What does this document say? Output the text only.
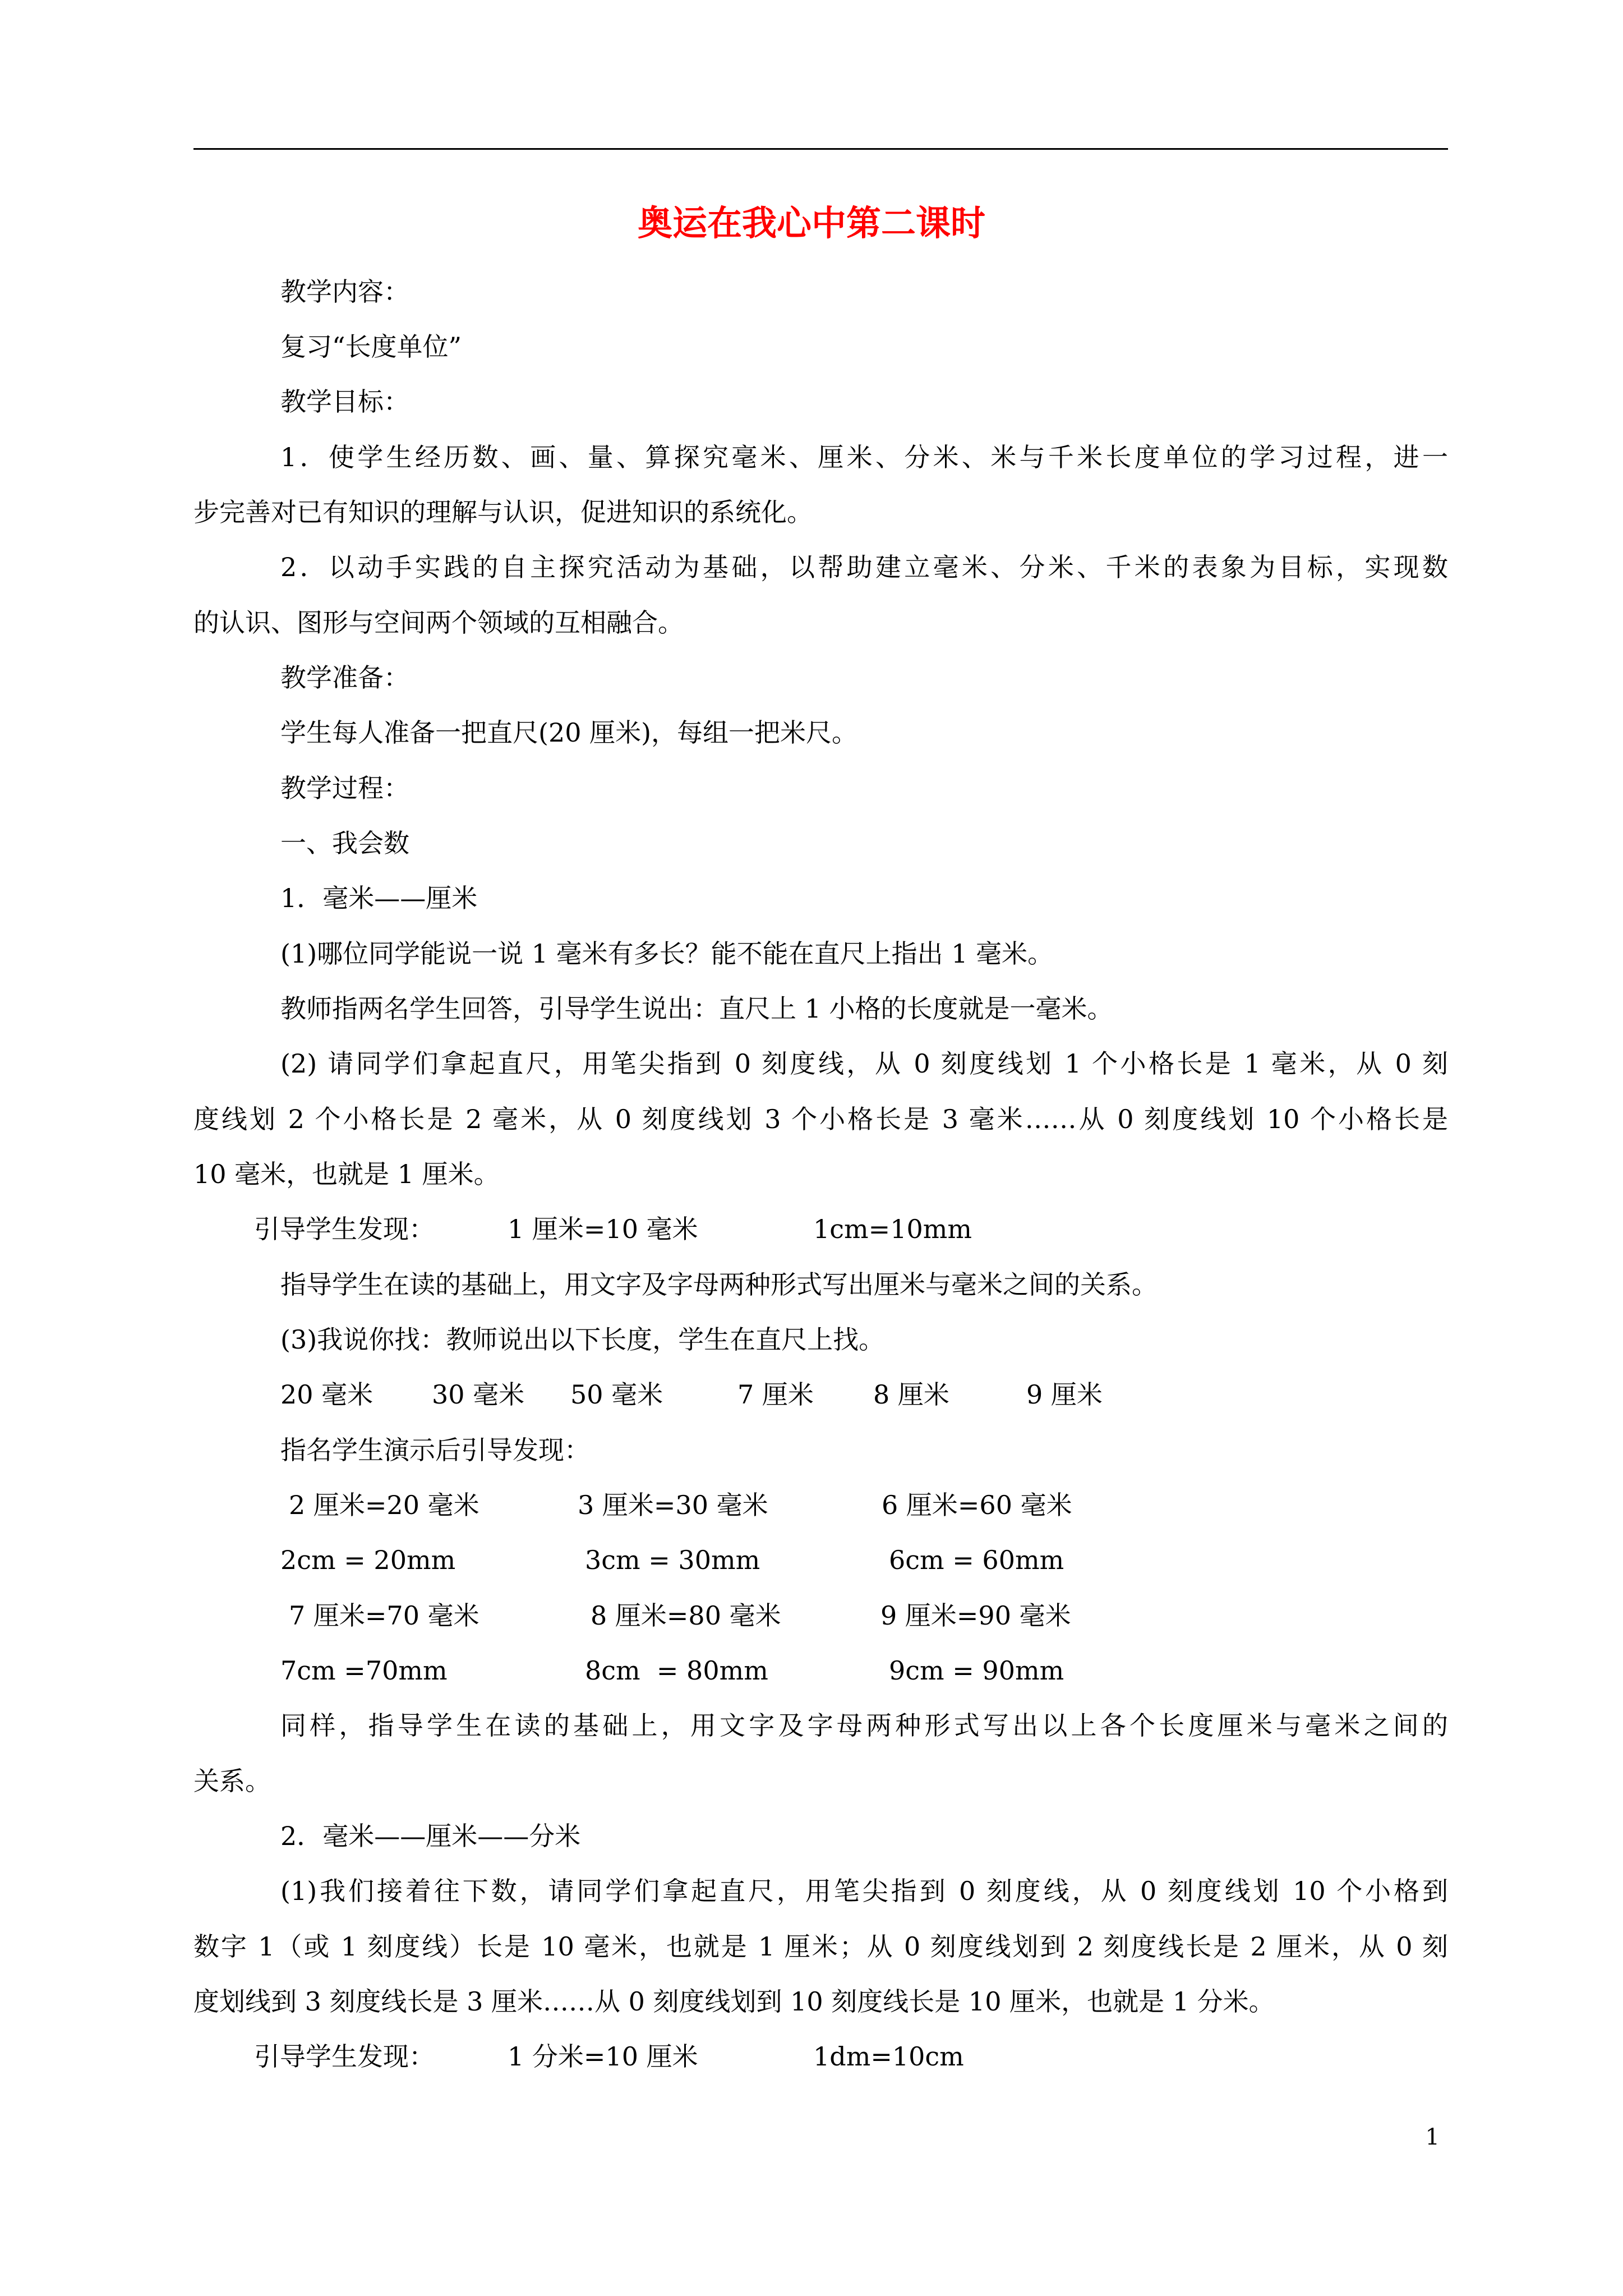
奥运在我心中第二课时
教学内容：
复习“长度单位”
教学目标：
1．使学生经历数、画、量、算探究毫米、厘米、分米、米与千米长度单位的学习过程，进一
步完善对已有知识的理解与认识，促进知识的系统化。
2．以动手实践的自主探究活动为基础，以帮助建立毫米、分米、千米的表象为目标，实现数
的认识、图形与空间两个领域的互相融合。
教学准备：
学生每人准备一把直尺(20 厘米)，每组一把米尺。
教学过程：
一、我会数
1．毫米——厘米
(1)哪位同学能说一说 1 毫米有多长？能不能在直尺上指出 1 毫米。
教师指两名学生回答，引导学生说出：直尺上 1 小格的长度就是一毫米。
(2) 请同学们拿起直尺，用笔尖指到 0 刻度线，从 0 刻度线划 1 个小格长是 1 毫米，从 0 刻
度线划 2 个小格长是 2 毫米，从 0 刻度线划 3 个小格长是 3 毫米……从 0 刻度线划 10 个小格长是
10 毫米，也就是 1 厘米。
引导学生发现：	1 厘米=10 毫米	1cm=10mm
指导学生在读的基础上，用文字及字母两种形式写出厘米与毫米之间的关系。
(3)我说你找：教师说出以下长度，学生在直尺上找。
20 毫米 30 毫米 50 毫米	7 厘米 8 厘米	9 厘米
指名学生演示后引导发现：
2 厘米=20 毫米	3 厘米=30 毫米	6 厘米=60 毫米
2cm = 20mm	3cm = 30mm	6cm = 60mm
7 厘米=70 毫米	8 厘米=80 毫米	9 厘米=90 毫米
7cm =70mm	8cm  = 80mm	9cm = 90mm
同样，指导学生在读的基础上，用文字及字母两种形式写出以上各个长度厘米与毫米之间的
关系。
2．毫米——厘米——分米
(1)我们接着往下数，请同学们拿起直尺，用笔尖指到 0 刻度线，从 0 刻度线划 10 个小格到
数字 1（或 1 刻度线）长是 10 毫米，也就是 1 厘米；从 0 刻度线划到 2 刻度线长是 2 厘米，从 0 刻
度划线到 3 刻度线长是 3 厘米……从 0 刻度线划到 10 刻度线长是 10 厘米，也就是 1 分米。
引导学生发现：	1 分米=10 厘米	1dm=10cm
1
